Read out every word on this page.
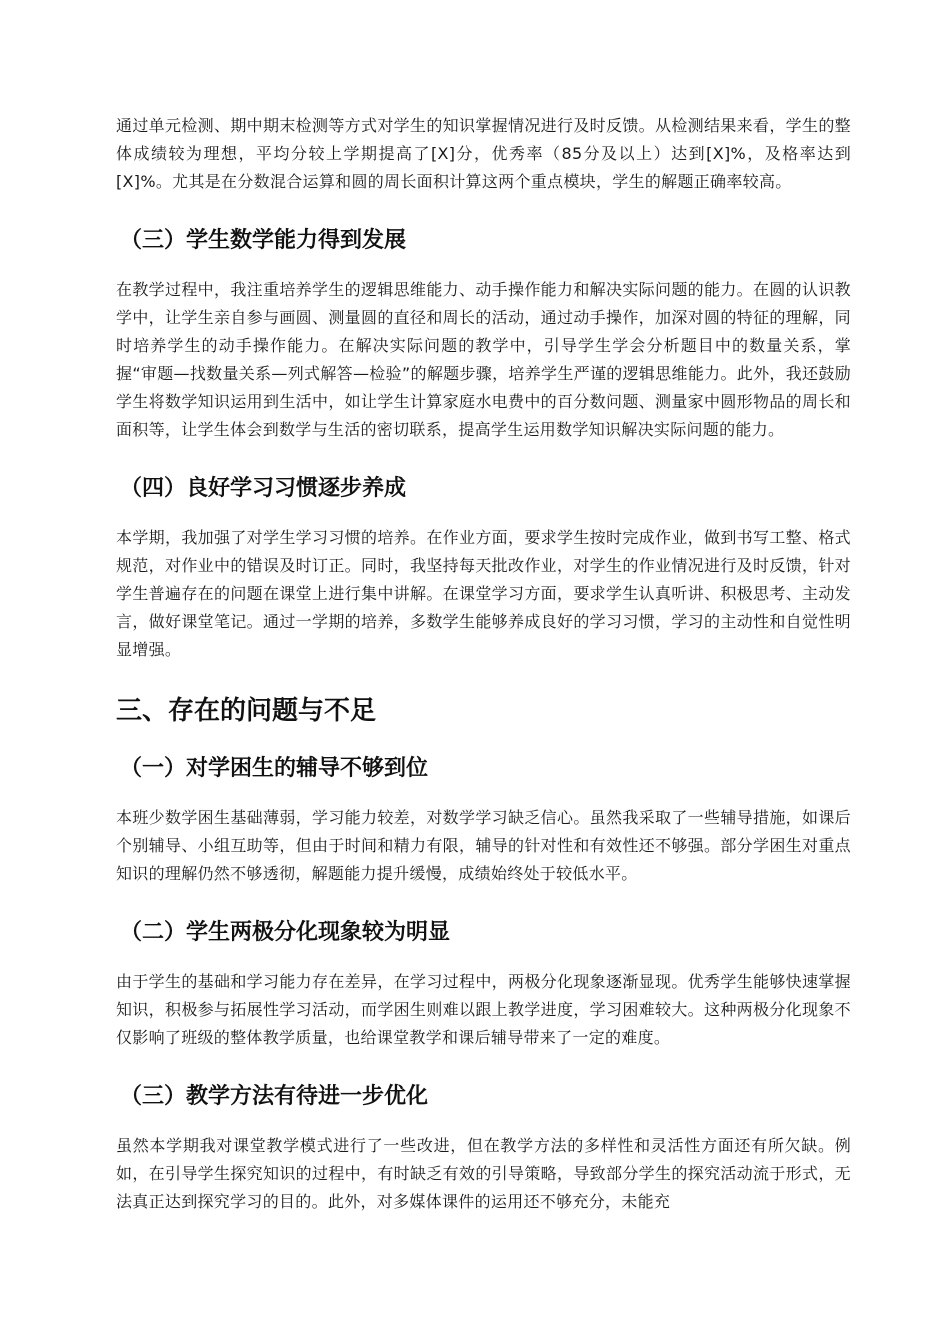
通过单元检测、期中期末检测等方式对学生的知识掌握情况进行及时反馈。从检测结果来看，学生的整体成绩较为理想，平均分较上学期提高了[X]分，优秀率（85分及以上）达到[X]%，及格率达到[X]%。尤其是在分数混合运算和圆的周长面积计算这两个重点模块，学生的解题正确率较高。

（三）学生数学能力得到发展

在教学过程中，我注重培养学生的逻辑思维能力、动手操作能力和解决实际问题的能力。在圆的认识教学中，让学生亲自参与画圆、测量圆的直径和周长的活动，通过动手操作，加深对圆的特征的理解，同时培养学生的动手操作能力。在解决实际问题的教学中，引导学生学会分析题目中的数量关系，掌握“审题—找数量关系—列式解答—检验”的解题步骤，培养学生严谨的逻辑思维能力。此外，我还鼓励学生将数学知识运用到生活中，如让学生计算家庭水电费中的百分数问题、测量家中圆形物品的周长和面积等，让学生体会到数学与生活的密切联系，提高学生运用数学知识解决实际问题的能力。

（四）良好学习习惯逐步养成

本学期，我加强了对学生学习习惯的培养。在作业方面，要求学生按时完成作业，做到书写工整、格式规范，对作业中的错误及时订正。同时，我坚持每天批改作业，对学生的作业情况进行及时反馈，针对学生普遍存在的问题在课堂上进行集中讲解。在课堂学习方面，要求学生认真听讲、积极思考、主动发言，做好课堂笔记。通过一学期的培养，多数学生能够养成良好的学习习惯，学习的主动性和自觉性明显增强。

三、存在的问题与不足
（一）对学困生的辅导不够到位

本班少数学困生基础薄弱，学习能力较差，对数学学习缺乏信心。虽然我采取了一些辅导措施，如课后个别辅导、小组互助等，但由于时间和精力有限，辅导的针对性和有效性还不够强。部分学困生对重点知识的理解仍然不够透彻，解题能力提升缓慢，成绩始终处于较低水平。

（二）学生两极分化现象较为明显

由于学生的基础和学习能力存在差异，在学习过程中，两极分化现象逐渐显现。优秀学生能够快速掌握知识，积极参与拓展性学习活动，而学困生则难以跟上教学进度，学习困难较大。这种两极分化现象不仅影响了班级的整体教学质量，也给课堂教学和课后辅导带来了一定的难度。

（三）教学方法有待进一步优化

虽然本学期我对课堂教学模式进行了一些改进，但在教学方法的多样性和灵活性方面还有所欠缺。例如，在引导学生探究知识的过程中，有时缺乏有效的引导策略，导致部分学生的探究活动流于形式，无法真正达到探究学习的目的。此外，对多媒体课件的运用还不够充分，未能充
